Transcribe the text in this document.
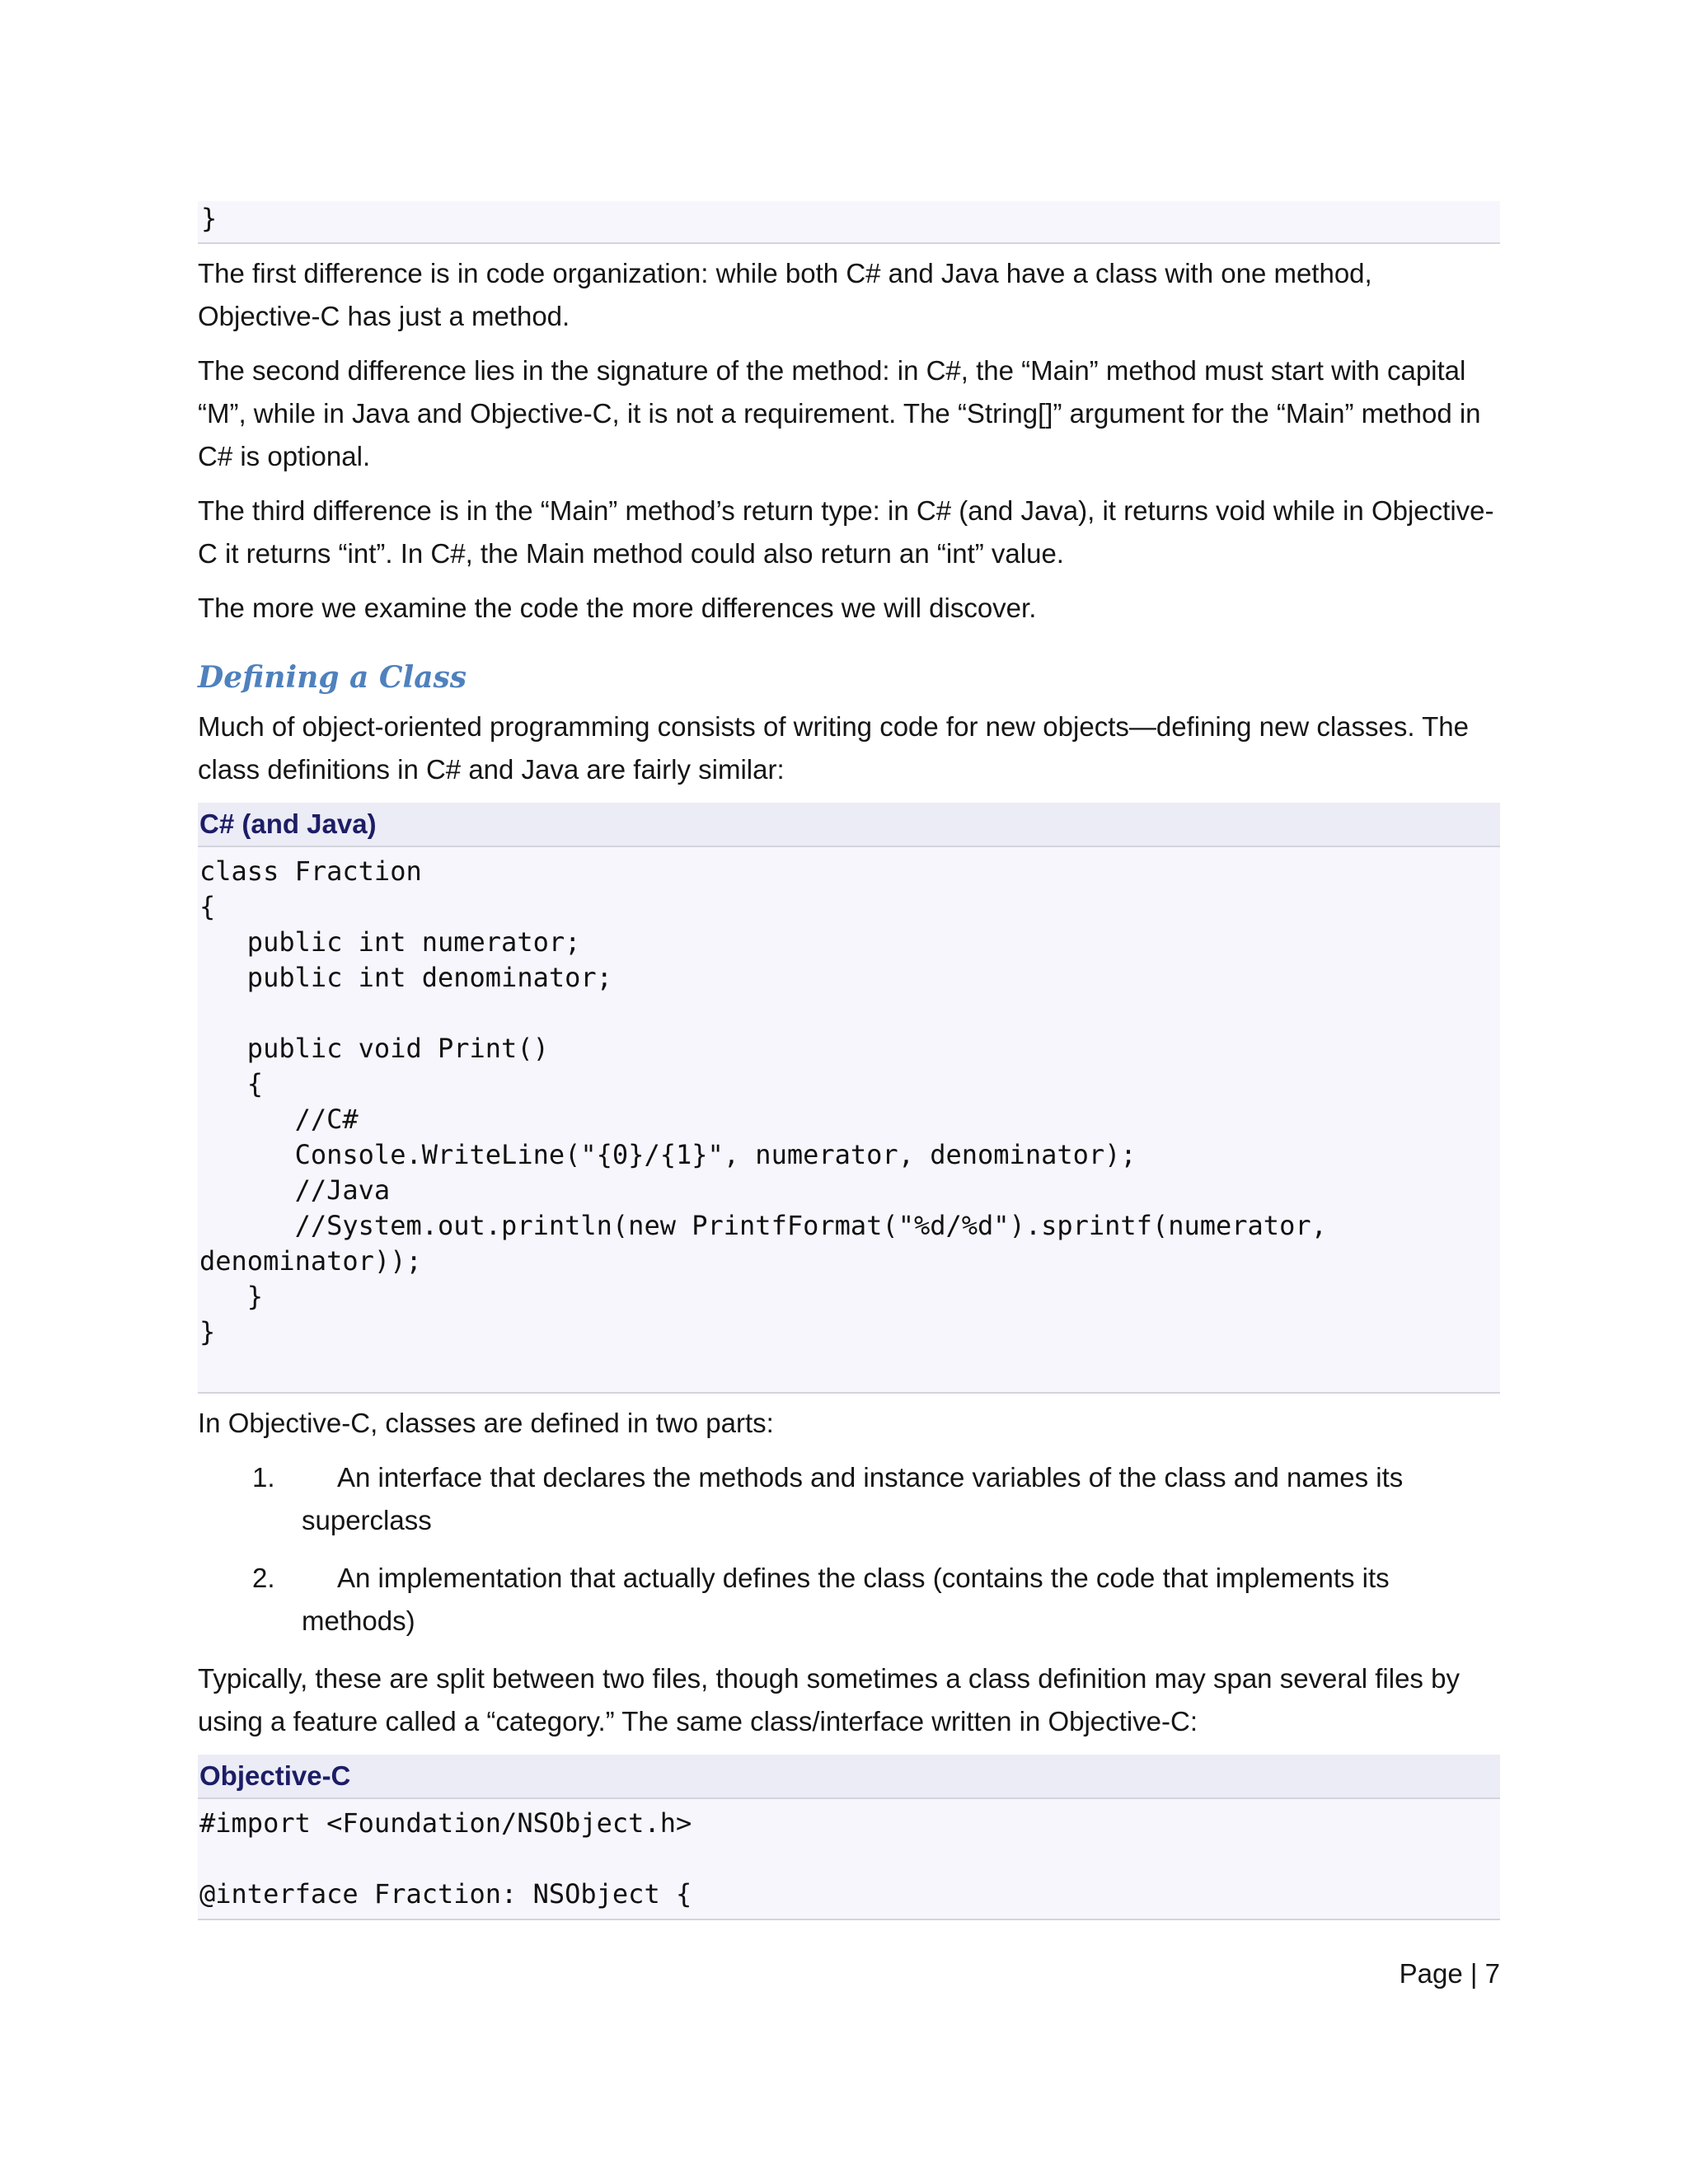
}

The first difference is in code organization: while both C# and Java have a class with one method, Objective-C has just a method.

The second difference lies in the signature of the method: in C#, the “Main” method must start with capital “M”, while in Java and Objective-C, it is not a requirement. The “String[]” argument for the “Main” method in C# is optional.

The third difference is in the “Main” method’s return type: in C# (and Java), it returns void while in Objective-C it returns “int”. In C#, the Main method could also return an “int” value.

The more we examine the code the more differences we will discover.

Defining a Class

Much of object-oriented programming consists of writing code for new objects—defining new classes. The class definitions in C# and Java are fairly similar:

C# (and Java)
class Fraction
{
public int numerator;
public int denominator;
public void Print()
{
//C#
Console.WriteLine("{0}/{1}", numerator, denominator);
//Java
//System.out.println(new PrintfFormat("%d/%d").sprintf(numerator,
denominator));
}
}

In Objective-C, classes are defined in two parts:

1.	An interface that declares the methods and instance variables of the class and names its
superclass
2.	An implementation that actually defines the class (contains the code that implements its
methods)

Typically, these are split between two files, though sometimes a class definition may span several files by using a feature called a “category.” The same class/interface written in Objective-C:

Objective-C
#import <Foundation/NSObject.h>
@interface Fraction: NSObject {
Page | 7
